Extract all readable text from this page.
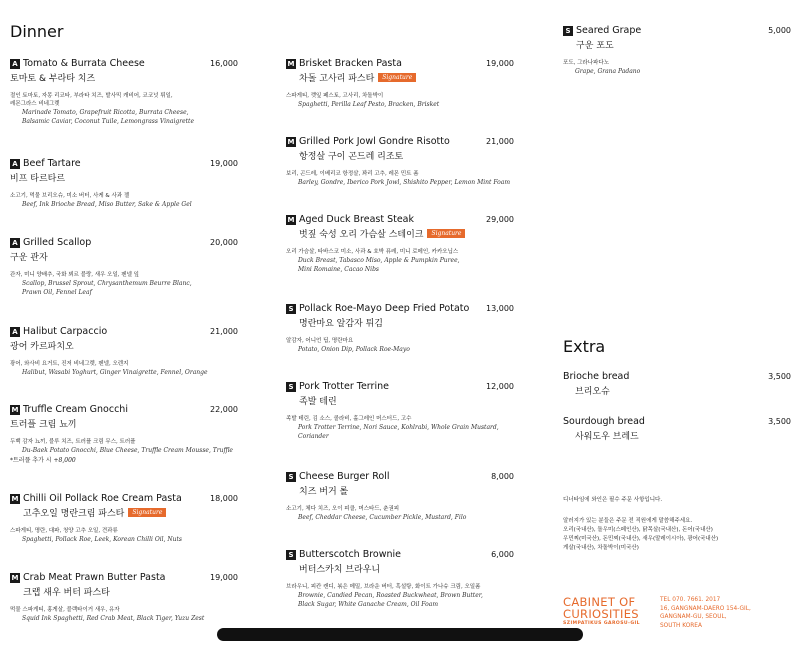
Dinner
A Tomato & Burrata Cheese	16,000
토마토 & 부라타 치즈
절인 토마토, 자몽 리코타, 부라타 치즈, 발사믹 캐비어, 코코넛 튀일,
레몬그라스 비네그렛
Marinade Tomato, Grapefruit Ricotta, Burrata Cheese,
Balsamic Caviar, Coconut Tuile, Lemongrass Vinaigrette
A Beef Tartare	19,000
비프 타르타르
소고기, 먹물 브리오슈, 미소 버터, 사케 & 사과 젤
Beef, Ink Brioche Bread, Miso Butter, Sake & Apple Gel
A Grilled Scallop	20,000
구운 관자
관자, 미니 양배추, 국화 뵈르 블랑, 새우 오일, 펜넬 잎
Scallop, Brussel Sprout, Chrysanthemum Beurre Blanc,
Prawn Oil, Fennel Leaf
A Halibut Carpaccio	21,000
광어 카르파치오
광어, 와사비 요거트, 진저 비네그렛, 펜넬, 오렌지
Halibut, Wasabi Yoghurt, Ginger Vinaigrette, Fennel, Orange
M Truffle Cream Gnocchi	22,000
트러플 크림 뇨끼
두백 감자 뇨끼, 블루 치즈, 트러플 크림 무스, 트러플
Du-Baek Potato Gnocchi, Blue Cheese, Truffle Cream Mousse, Truffle
*트러플 추가 시 +8,000
M Chilli Oil Pollack Roe Cream Pasta	18,000
고추오일 명란크림 파스타	Signature
스파게티, 명란, 대파, 청양 고추 오일, 견과류
Spaghetti, Pollack Roe, Leek, Korean Chilli Oil, Nuts
M Crab Meat Prawn Butter Pasta	19,000
크랩 새우 버터 파스타
먹물 스파게티, 홍게살, 블랙타이거 새우, 유자
Squid Ink Spaghetti, Red Crab Meat, Black Tiger, Yuzu Zest
M Brisket Bracken Pasta	19,000
차돌 고사리 파스타	Signature
스파게티, 깻잎 페스토, 고사리, 차돌박이
Spaghetti, Perilla Leaf Pesto, Bracken, Brisket
M Grilled Pork Jowl Gondre Risotto	21,000
항정살 구이 곤드레 리조토
보리, 곤드레, 이베리코 항정살, 꽈리 고추, 레몬 민트 폼
Barley, Gondre, Iberico Pork Jowl, Shishito Pepper, Lemon Mint Foam
M Aged Duck Breast Steak	29,000
벗짚 숙성 오리 가슴살 스테이크	Signature
오리 가슴살, 타바스코 미소, 사과 & 호박 퓨레, 미니 로메인, 카카오닙스
Duck Breast, Tabasco Miso, Apple & Pumpkin Puree,
Mini Romaine, Cacao Nibs
S Pollack Roe-Mayo Deep Fried Potato 13,000
명란마요 알감자 튀김
알감자, 어니언 딥, 명란마요
Potato, Onion Dip, Pollack Roe-Mayo
S Pork Trotter Terrine	12,000
족발 테린
족발 테린, 김 소스, 콜라비, 홀그레인 머스터드, 고수
Pork Trotter Terrine, Nori Sauce, Kohlrabi, Whole Grain Mustard,
Coriander
S Cheese Burger Roll	8,000
치즈 버거 롤
소고기, 체다 치즈, 오이 피클, 머스타드, 춘권피
Beef, Cheddar Cheese, Cucumber Pickle, Mustard, Filo
S Butterscotch Brownie	6,000
버터스카치 브라우니
브라우니, 피칸 캔디, 볶은 메밀, 브라운 버터, 흑설탕, 화이트 가나슈 크림, 오일폼
Brownie, Candied Pecan, Roasted Buckwheat, Brown Butter,
Black Sugar, White Ganache Cream, Oil Foam
S Seared Grape	5,000
구운 포도
포도, 그라나파다노
Grape, Grana Padano
Extra
Brioche bread	3,500
브리오슈
Sourdough bread	3,500
사워도우 브레드
디너타임에 와인은 필수 주문 사항입니다.
알러지가 있는 분들은 주문 전 직원에게 말씀해주세요.
오리(국내산), 돌우미(스페인산), 닭목살(국내산), 돈어(국내산)
우민찌(미국산), 돈민찌(국내산), 새우(말레이시아), 광어(국내산)
게살(국내산), 차돌박이(미국산)
CABINET OF
CURIOSITIES
SZIMPATIKUS GAROSU-GIL
TEL 070. 7661. 2017
16, GANGNAM-DAERO 154-GIL,
GANGNAM-GU, SEOUL,
SOUTH KOREA
